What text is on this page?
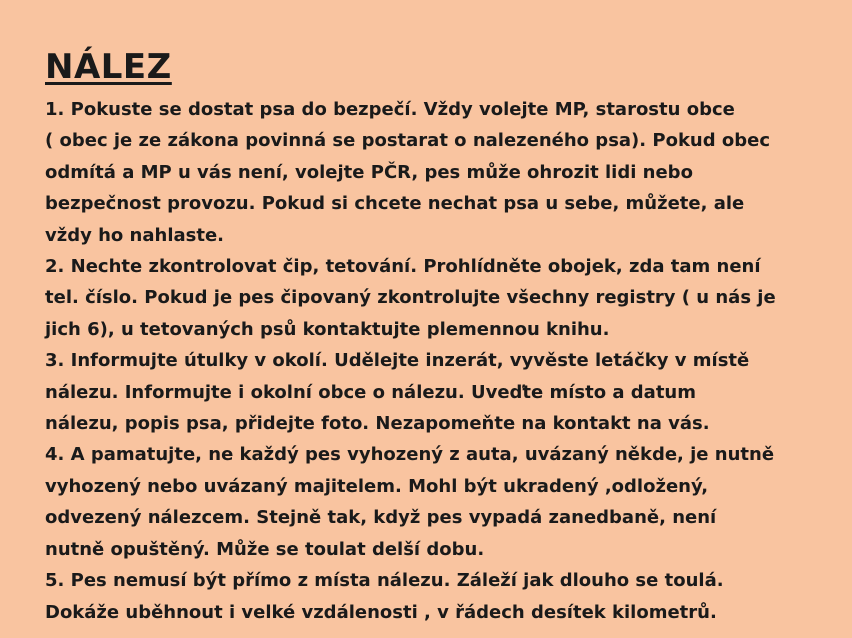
NÁLEZ
1. Pokuste se dostat psa do bezpečí. Vždy volejte MP, starostu obce
( obec je ze zákona povinná se postarat o nalezeného psa). Pokud obec
odmítá a MP u vás není, volejte PČR, pes může ohrozit lidi nebo
bezpečnost provozu. Pokud si chcete nechat psa u sebe, můžete, ale
vždy ho nahlaste.
2. Nechte zkontrolovat čip, tetování. Prohlídněte obojek, zda tam není
tel. číslo. Pokud je pes čipovaný zkontrolujte všechny registry ( u nás je
jich 6), u tetovaných psů kontaktujte plemennou knihu.
3. Informujte útulky v okolí. Udělejte inzerát, vyvěste letáčky v místě
nálezu. Informujte i okolní obce o nálezu. Uveďte místo a datum
nálezu, popis psa, přidejte foto. Nezapomeňte na kontakt na vás.
4. A pamatujte, ne každý pes vyhozený z auta, uvázaný někde, je nutně
vyhozený nebo uvázaný majitelem. Mohl být ukradený ,odložený,
odvezený nálezcem. Stejně tak, když pes vypadá zanedbaně, není
nutně opuštěný. Může se toulat delší dobu.
5. Pes nemusí být přímo z místa nálezu. Záleží jak dlouho se toulá.
Dokáže uběhnout i velké vzdálenosti , v řádech desítek kilometrů.
